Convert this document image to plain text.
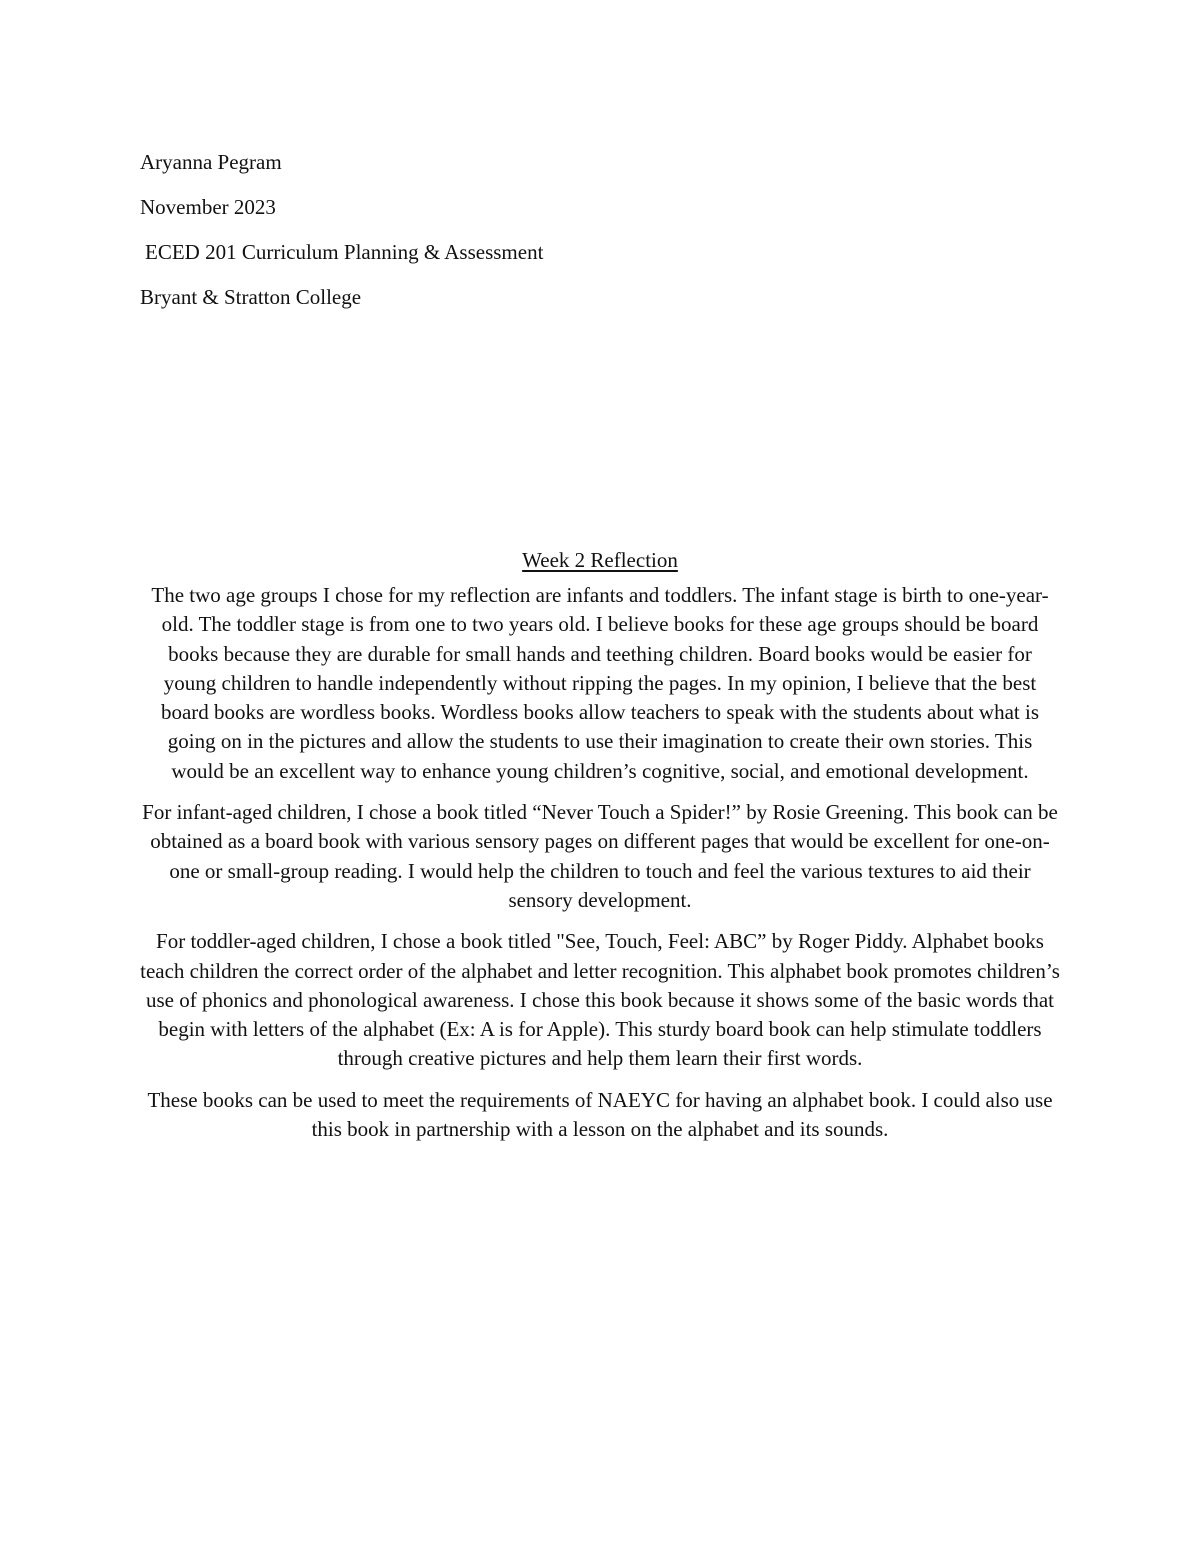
Aryanna Pegram
November 2023
ECED 201 Curriculum Planning & Assessment
Bryant & Stratton College
Week 2 Reflection

The two age groups I chose for my reflection are infants and toddlers. The infant stage is birth to one-year-old. The toddler stage is from one to two years old. I believe books for these age groups should be board books because they are durable for small hands and teething children. Board books would be easier for young children to handle independently without ripping the pages. In my opinion, I believe that the best board books are wordless books. Wordless books allow teachers to speak with the students about what is going on in the pictures and allow the students to use their imagination to create their own stories. This would be an excellent way to enhance young children’s cognitive, social, and emotional development.

For infant-aged children, I chose a book titled “Never Touch a Spider!” by Rosie Greening. This book can be obtained as a board book with various sensory pages on different pages that would be excellent for one-on-one or small-group reading. I would help the children to touch and feel the various textures to aid their sensory development.

For toddler-aged children, I chose a book titled "See, Touch, Feel: ABC” by Roger Piddy. Alphabet books teach children the correct order of the alphabet and letter recognition. This alphabet book promotes children’s use of phonics and phonological awareness. I chose this book because it shows some of the basic words that begin with letters of the alphabet (Ex: A is for Apple). This sturdy board book can help stimulate toddlers through creative pictures and help them learn their first words.

These books can be used to meet the requirements of NAEYC for having an alphabet book. I could also use this book in partnership with a lesson on the alphabet and its sounds.
